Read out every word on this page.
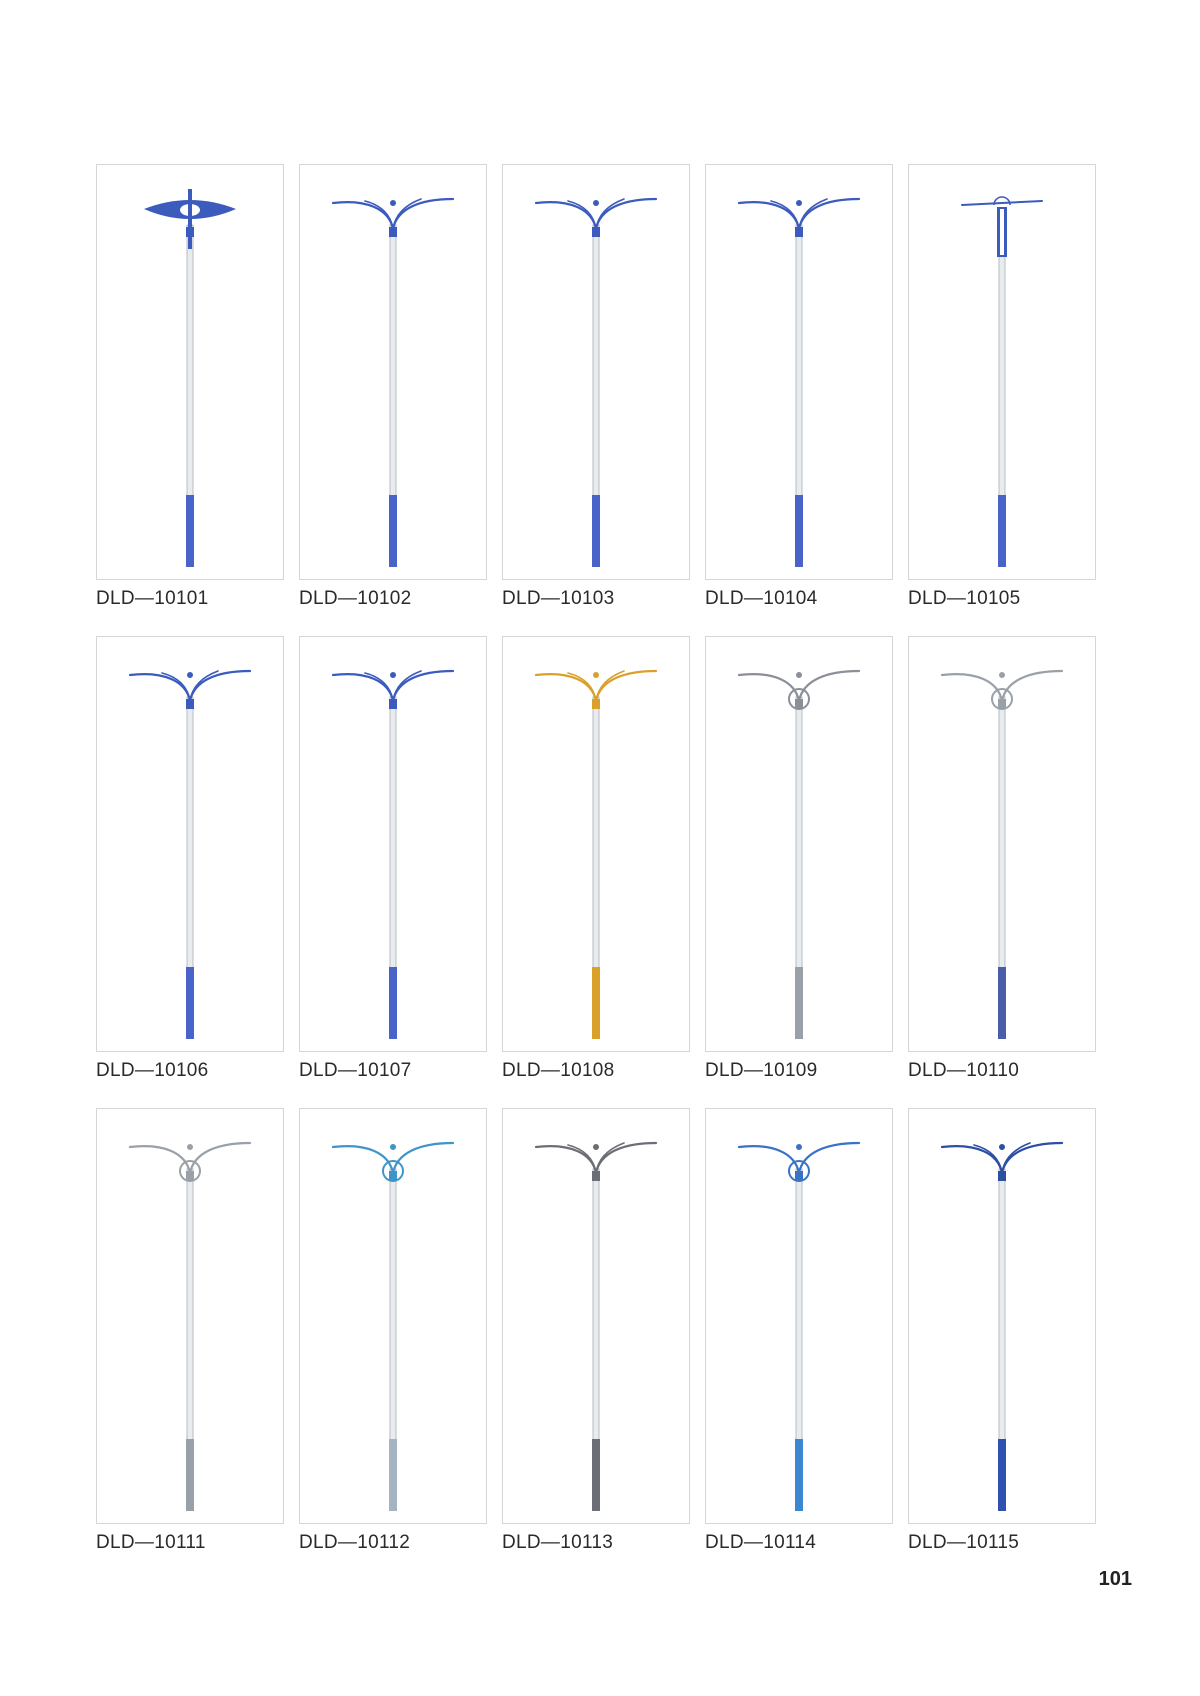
DLD—10101	DLD—10102	DLD—10103	DLD—10104	DLD—10105
DLD—10106	DLD—10107	DLD—10108	DLD—10109	DLD—10110
DLD—10111	DLD—10112	DLD—10113	DLD—10114	DLD—10115
101
